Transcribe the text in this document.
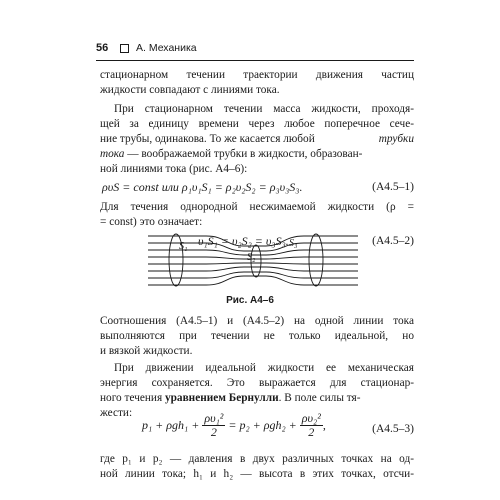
56	А. Механика
стационарном течении траектории движения частиц
жидкости совпадают с линиями тока.
При стационарном течении масса жидкости, проходя-
щей за единицу времени через любое поперечное сече-
ние трубы, одинакова. То же касается любой	трубки
тока — воображаемой трубки в жидкости, образован-
ной линиями тока (рис. А4–6):
ρυS = const или ρ₁υ₁S₁ = ρ₂υ₂S₂ = ρ₃υ₃S₃.	(А4.5–1)
Для течения однородной несжимаемой жидкости (ρ =
= const) это означает:
υ₁S₁ = υ₂S₂ = υ₃S₃.	(А4.5–2)
S₁
S₂
S₃
Рис. А4–6
Соотношения (А4.5–1) и (А4.5–2) на одной линии тока
выполняются при течении не только идеальной, но
и вязкой жидкости.
При движении идеальной жидкости ее механическая
энергия сохраняется. Это выражается для стационар-
ного течения уравнением Бернулли. В поле силы тя-
жести:
$p_1 + \rho gh_1 + \frac{\text{ρυ₁²}}{2} = p_2 + \rho gh_2 + \frac{\text{ρυ₂²}}{2}$ ,	(А4.5–3)
где p₁ и p₂ — давления в двух различных точках на од-
ной линии тока; h₁ и h₂ — высота в этих точках, отсчи-
